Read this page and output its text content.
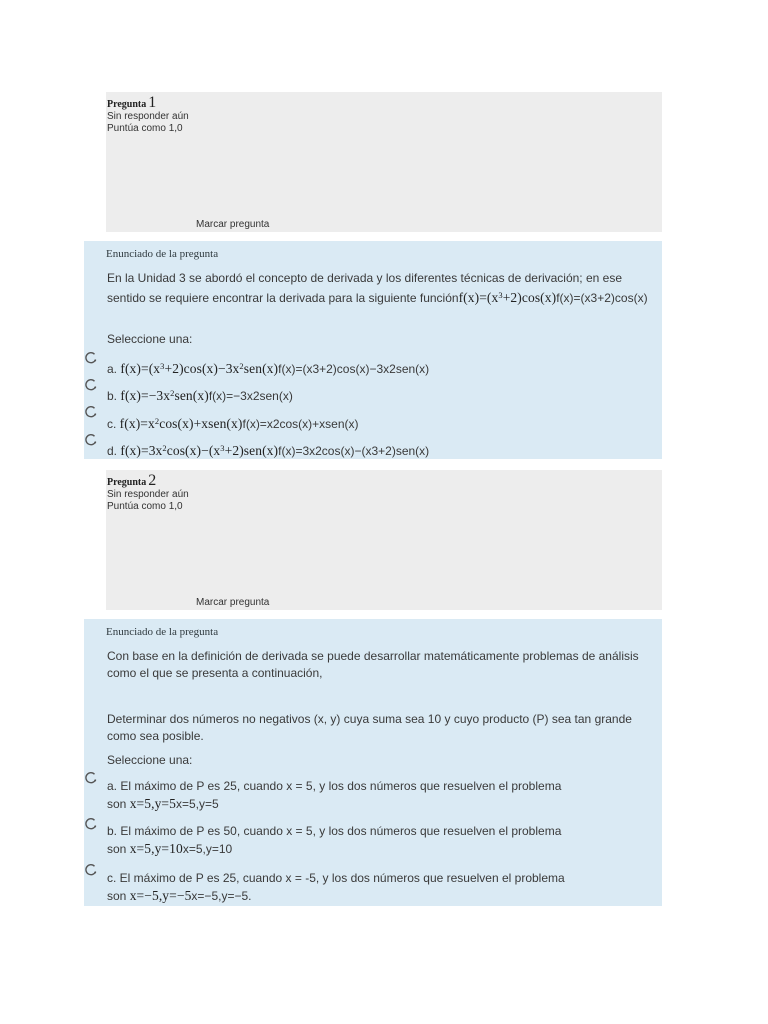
Pregunta 1
Sin responder aún
Puntúa como 1,0
Marcar pregunta
Enunciado de la pregunta
En la Unidad 3 se abordó el concepto de derivada y los diferentes técnicas de derivación; en ese sentido se requiere encontrar la derivada para la siguiente $funciónf(x)=(x^3+2)\cos(x)f(x)=(x3+2)\cos(x)$
Seleccione una:
a. $f(x)=(x^3+2)\cos(x)-3x^2sen(x)f(x)=(x3+2)\cos(x)-3x2sen(x)$
b. $f(x)=-3x^2sen(x)f(x)=-3x2sen(x)$
c. $f(x)=x^2\cos(x)+xsen(x)f(x)=x2\cos(x)+xsen(x)$
d. $f(x)=3x^2\cos(x)-(x^3+2)sen(x)f(x)=3x2\cos(x)-(x3+2)sen(x)$
Pregunta 2
Sin responder aún
Puntúa como 1,0
Marcar pregunta
Enunciado de la pregunta
Con base en la definición de derivada se puede desarrollar matemáticamente problemas de análisis como el que se presenta a continuación,
Determinar dos números no negativos (x, y) cuya suma sea 10 y cuyo producto (P) sea tan grande como sea posible.
Seleccione una:
a. El máximo de P es 25, cuando x = 5, y los dos números que resuelven el problema
son x=5,y=5x=5,y=5
b. El máximo de P es 50, cuando x = 5, y los dos números que resuelven el problema
son x=5,y=10x=5,y=10
c. El máximo de P es 25, cuando x = -5, y los dos números que resuelven el problema
son x=−5,y=−5x=−5,y=−5.
